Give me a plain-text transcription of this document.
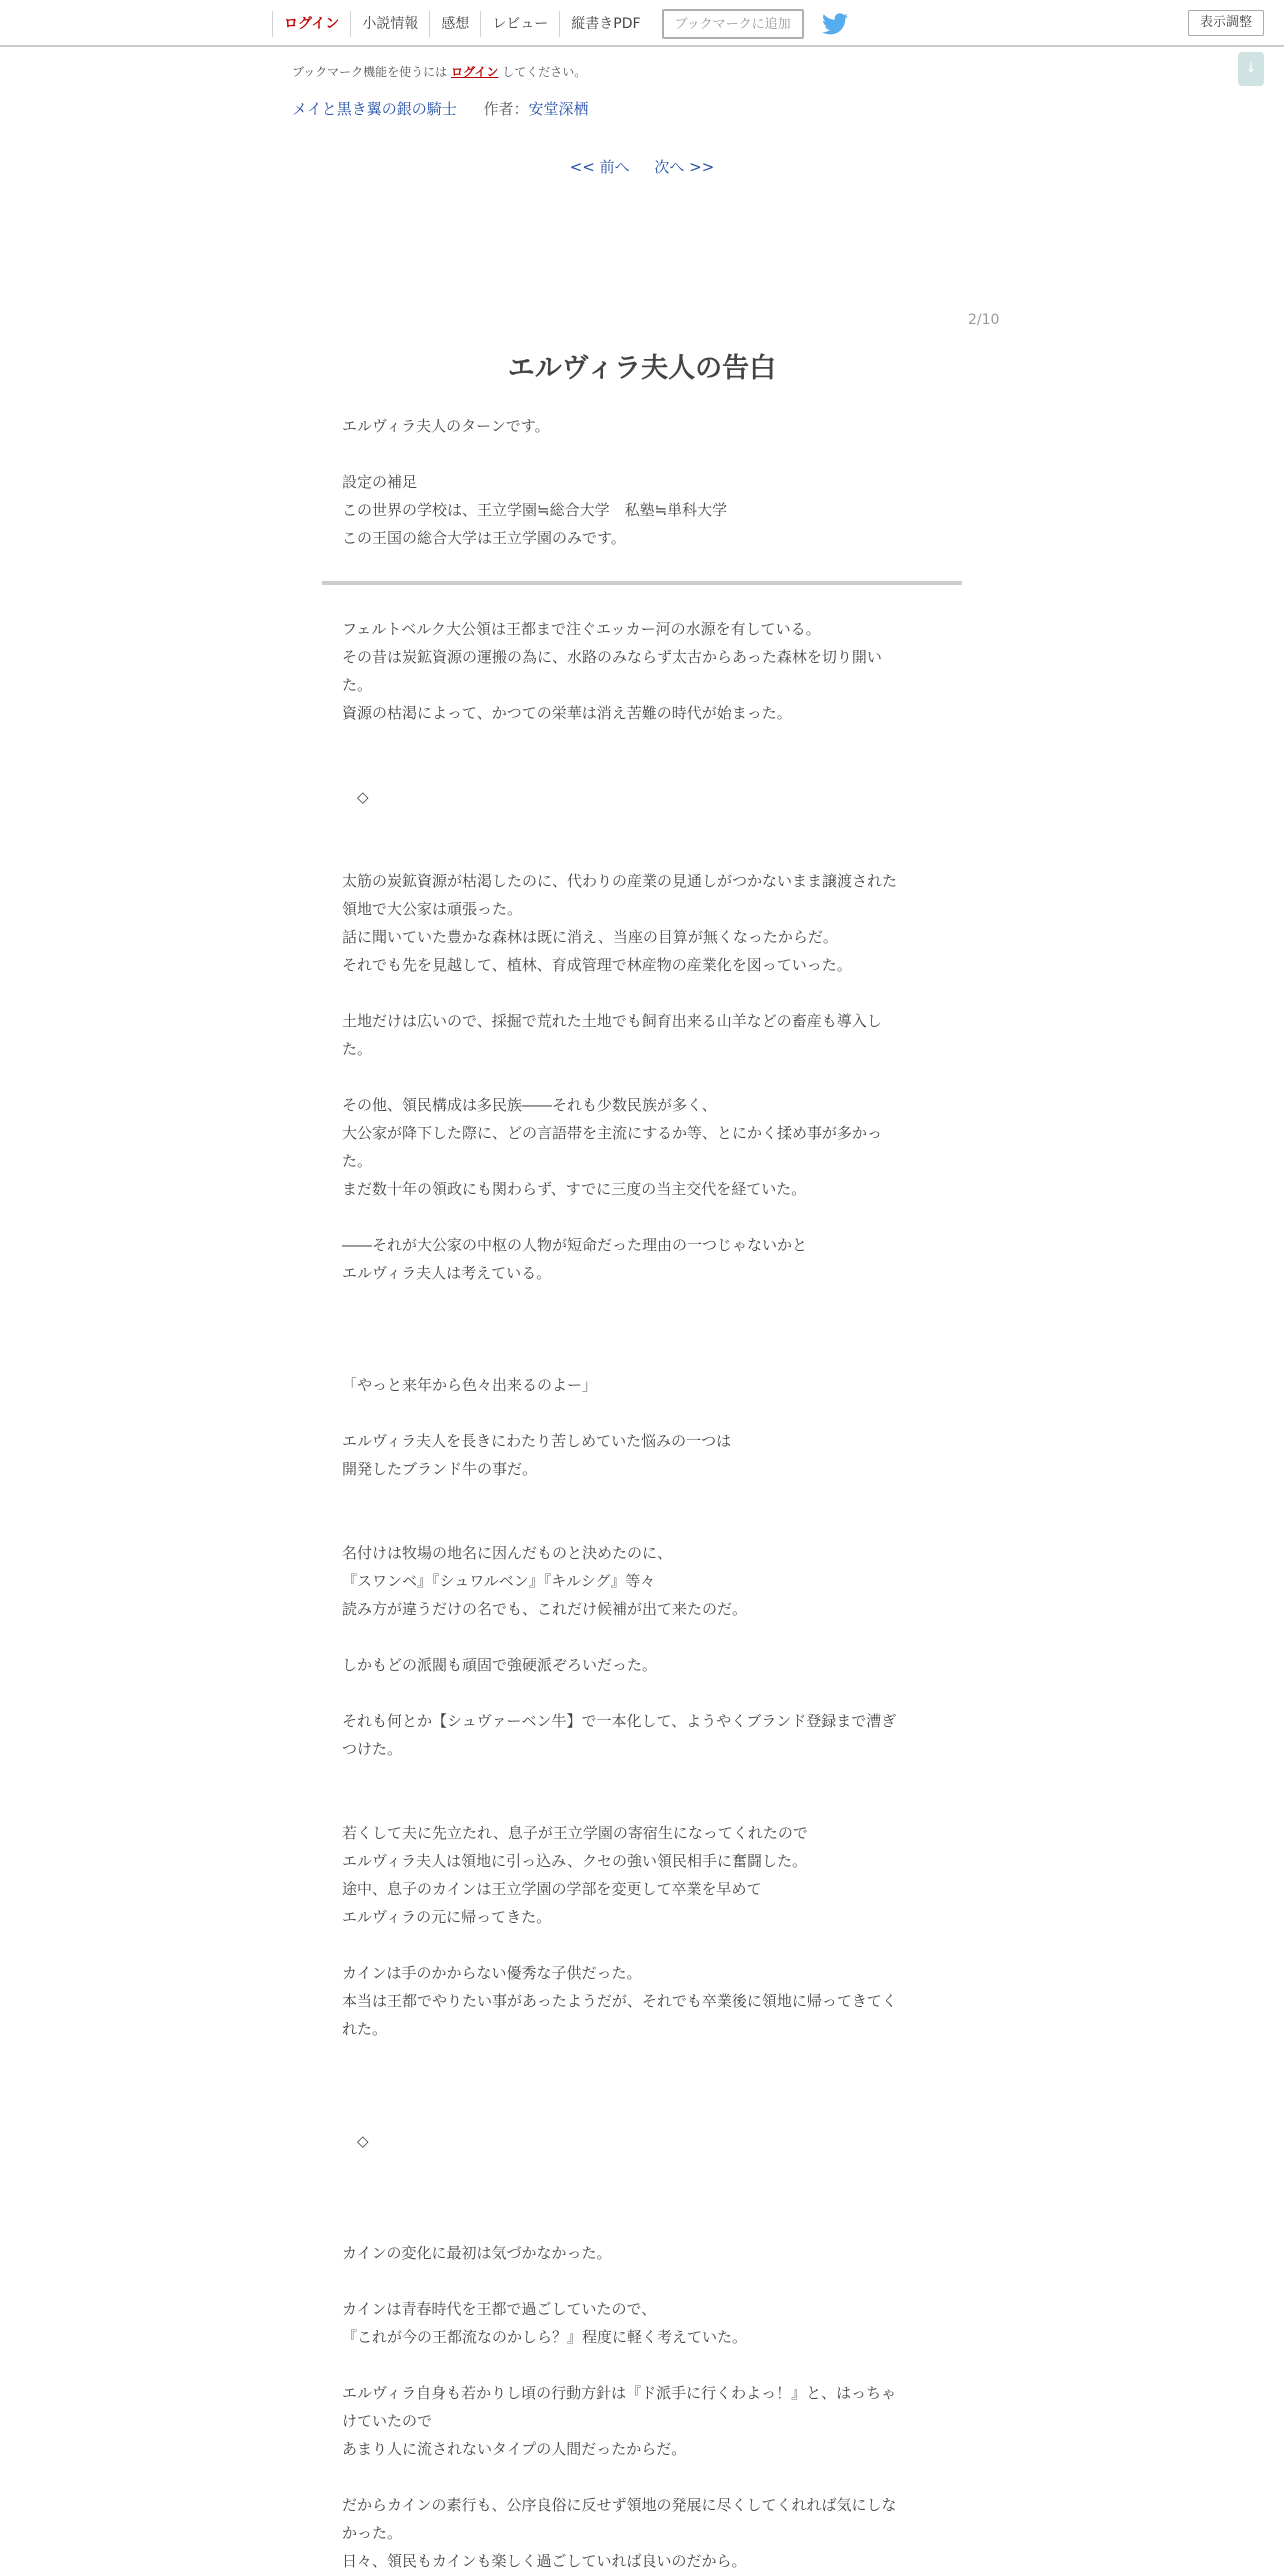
ログイン	小説情報	感想	レビュー	縦書きPDF	ブックマークに追加	表示調整
↓
ブックマーク機能を使うには ログイン してください。
メイと黒き翼の銀の騎士 作者：安堂深栖
<< 前へ 次へ >>
2/10
エルヴィラ夫人の告白
エルヴィラ夫人のターンです。
設定の補足
この世界の学校は、王立学園≒総合大学　私塾≒単科大学
この王国の総合大学は王立学園のみです。
フェルトベルク大公領は王都まで注ぐエッカー河の水源を有している。
その昔は炭鉱資源の運搬の為に、水路のみならず太古からあった森林を切り開い
た。
資源の枯渇によって、かつての栄華は消え苦難の時代が始まった。
　◇
太筋の炭鉱資源が枯渇したのに、代わりの産業の見通しがつかないまま譲渡された
領地で大公家は頑張った。
話に聞いていた豊かな森林は既に消え、当座の目算が無くなったからだ。
それでも先を見越して、植林、育成管理で林産物の産業化を図っていった。
土地だけは広いので、採掘で荒れた土地でも飼育出来る山羊などの畜産も導入し
た。
その他、領民構成は多民族――それも少数民族が多く、
大公家が降下した際に、どの言語帯を主流にするか等、とにかく揉め事が多かっ
た。
まだ数十年の領政にも関わらず、すでに三度の当主交代を経ていた。
――それが大公家の中枢の人物が短命だった理由の一つじゃないかと
エルヴィラ夫人は考えている。
「やっと来年から色々出来るのよー」
エルヴィラ夫人を長きにわたり苦しめていた悩みの一つは
開発したブランド牛の事だ。
名付けは牧場の地名に因んだものと決めたのに、
『スワンベ』『シュワルベン』『キルシグ』等々
読み方が違うだけの名でも、これだけ候補が出て来たのだ。
しかもどの派閥も頑固で強硬派ぞろいだった。
それも何とか【シュヴァーベン牛】で一本化して、ようやくブランド登録まで漕ぎ
つけた。
若くして夫に先立たれ、息子が王立学園の寄宿生になってくれたので
エルヴィラ夫人は領地に引っ込み、クセの強い領民相手に奮闘した。
途中、息子のカインは王立学園の学部を変更して卒業を早めて
エルヴィラの元に帰ってきた。
カインは手のかからない優秀な子供だった。
本当は王都でやりたい事があったようだが、それでも卒業後に領地に帰ってきてく
れた。
　◇
カインの変化に最初は気づかなかった。
カインは青春時代を王都で過ごしていたので、
『これが今の王都流なのかしら？』程度に軽く考えていた。
エルヴィラ自身も若かりし頃の行動方針は『ド派手に行くわよっ！』と、はっちゃ
けていたので
あまり人に流されないタイプの人間だったからだ。
だからカインの素行も、公序良俗に反せず領地の発展に尽くしてくれれば気にしな
かった。
日々、領民もカインも楽しく過ごしていれば良いのだから。
